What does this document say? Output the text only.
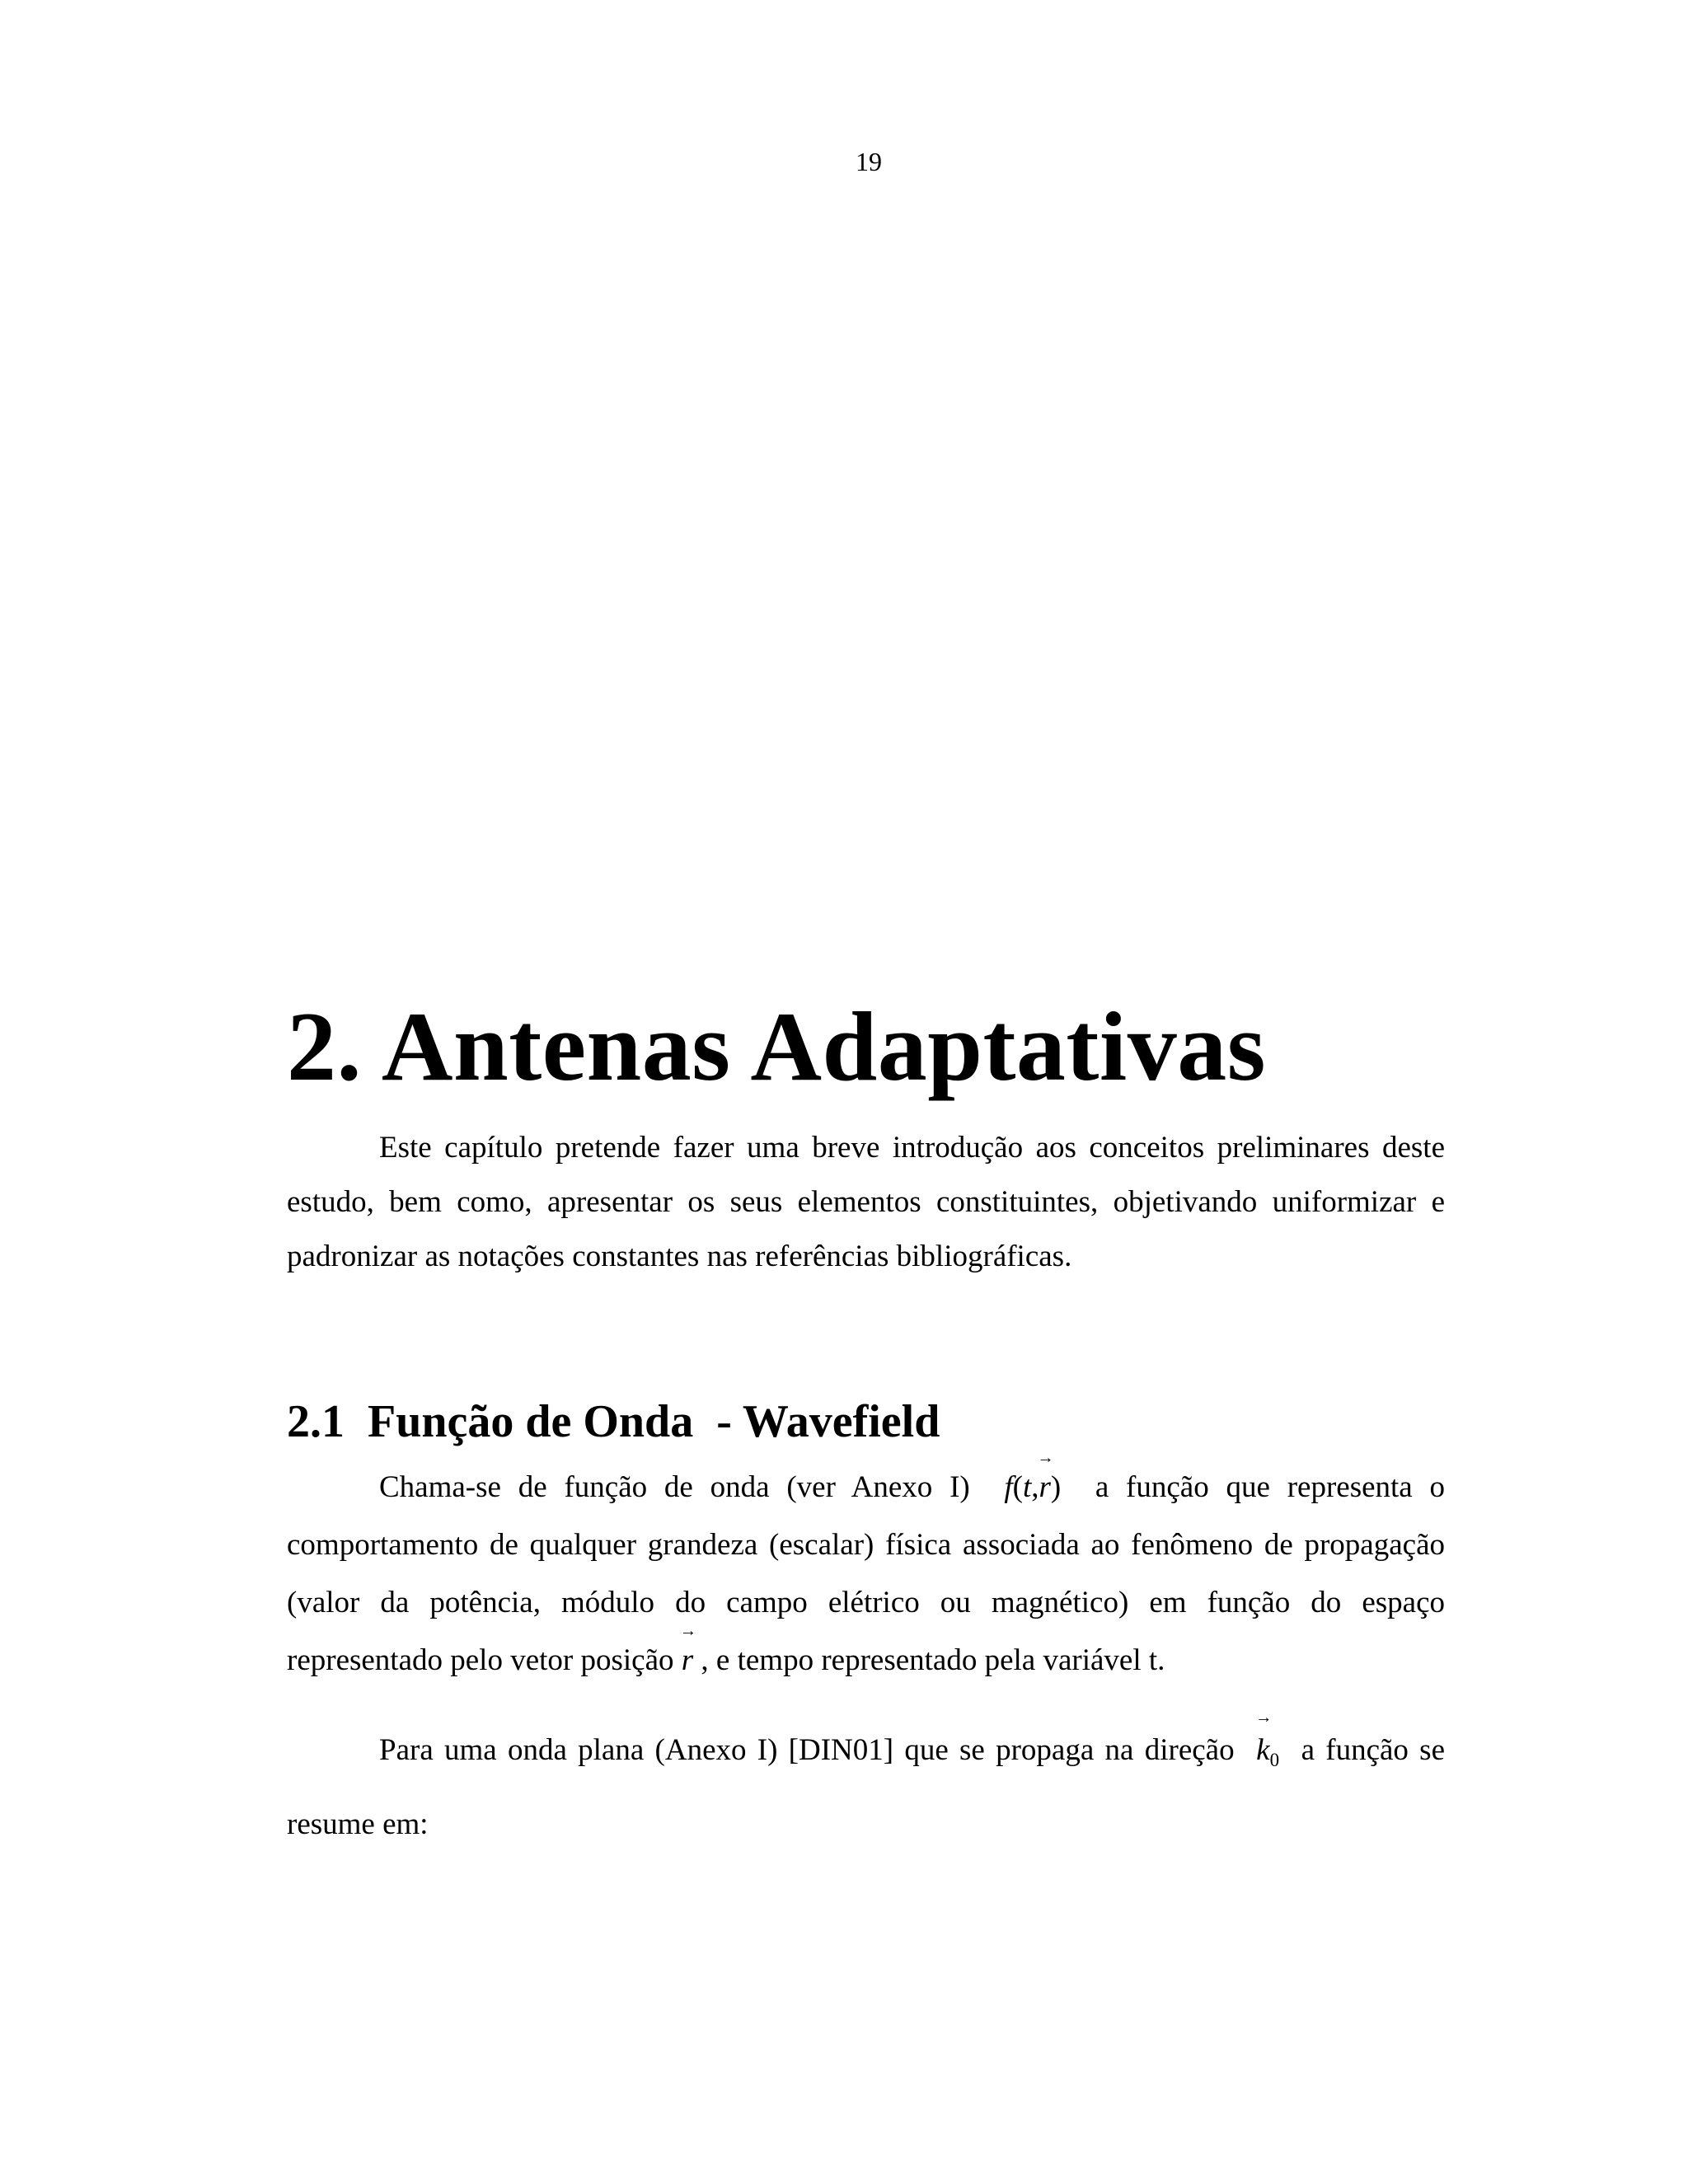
19
2. Antenas Adaptativas

Este capítulo pretende fazer uma breve introdução aos conceitos preliminares deste estudo, bem como, apresentar os seus elementos constituintes, objetivando uniformizar e padronizar as notações constantes nas referências bibliográficas.

2.1  Função de Onda  - Wavefield

Chama-se de função de onda (ver Anexo I) f(t,
→
r) a função que representa o comportamento de qualquer grandeza (escalar) física associada ao fenômeno de propagação (valor da potência, módulo do campo elétrico ou magnético) em função do espaço representado pelo vetor posição
→
r , e tempo representado pela variável t.

Para uma onda plana (Anexo I) [DIN01] que se propaga na direção
→
$k_0$ a função se resume em:
